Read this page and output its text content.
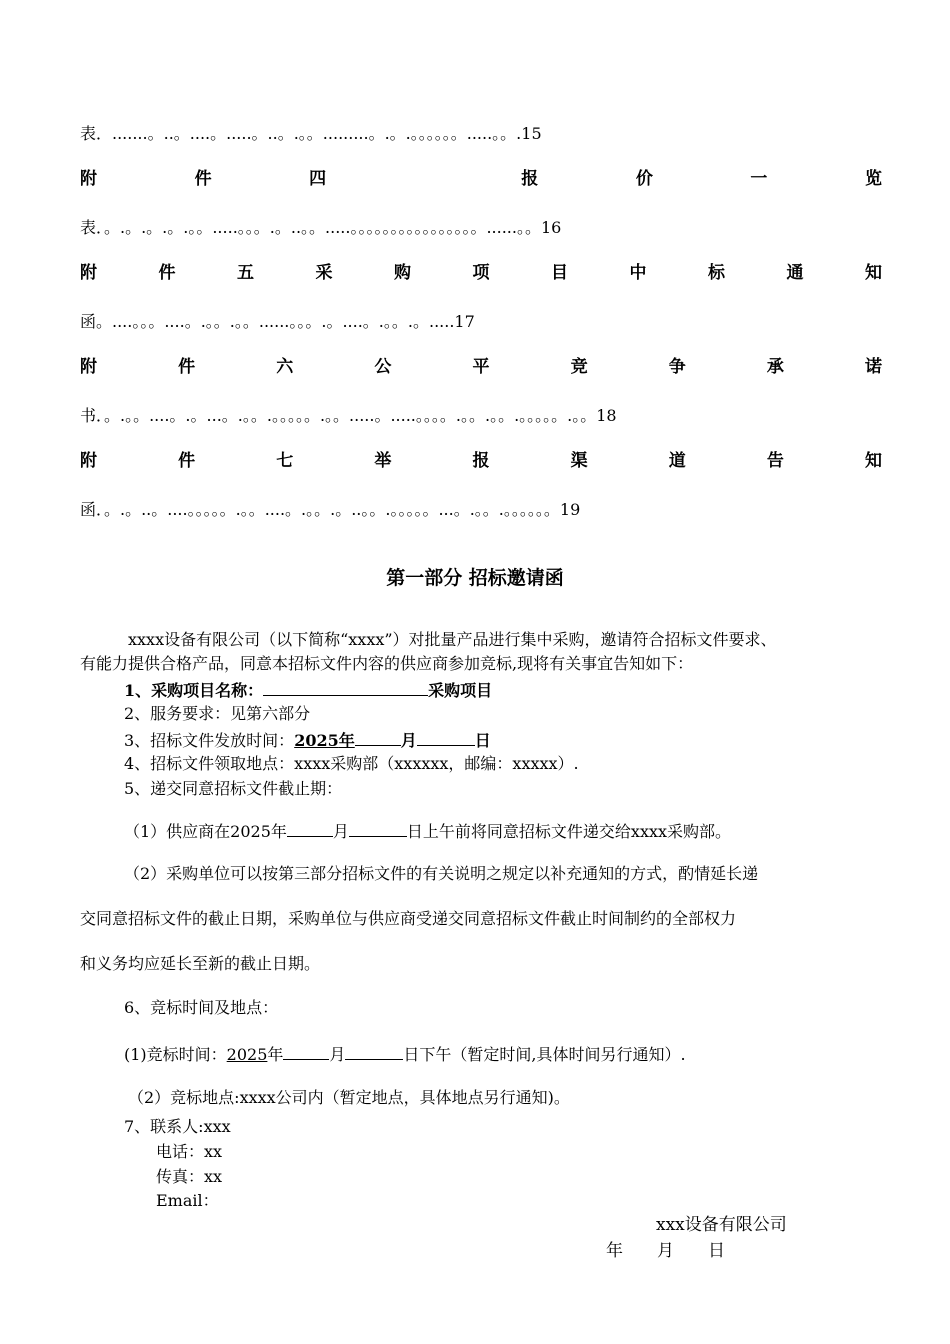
表．.......。..。....。.....。..。.。。.........。.。.。。。。。。.....。。.15
附	件	四	报	价	一	览
表．。.。.。.。.。。.....。。。.。..。。.....。。。。。。。。。。。。。。。。......。。16
附	件	五	采	购	项	目	中	标	通	知
函。....。。。....。.。。.。。......。。。.。....。.。。.。.....17
附	件	六	公	平	竞	争	承	诺
书．。.。。....。.。...。.。。.。。。。。.。。.....。.....。。。。.。。.。。.。。。。。.。。18
附	件	七	举	报	渠	道	告	知
函．。.。..。....。。。。。.。。....。.。。.。..。。.。。。。。...。.。。.。。。。。。19
第一部分 招标邀请函
xxxx设备有限公司（以下简称“xxxx”）对批量产品进行集中采购，邀请符合招标文件要求、
有能力提供合格产品，同意本招标文件内容的供应商参加竞标,现将有关事宜告知如下：
1、采购项目名称：	采购项目
2、服务要求：见第六部分
3、招标文件发放时间：2025年	月	日
4、招标文件领取地点：xxxx采购部（xxxxxx，邮编：xxxxx）.
5、递交同意招标文件截止期：
（1）供应商在2025年	月	日上午前将同意招标文件递交给xxxx采购部。
（2）采购单位可以按第三部分招标文件的有关说明之规定以补充通知的方式，酌情延长递
交同意招标文件的截止日期，采购单位与供应商受递交同意招标文件截止时间制约的全部权力
和义务均应延长至新的截止日期。
6、竞标时间及地点：
(1)竞标时间：2025年	月	日下午（暂定时间,具体时间另行通知）.
（2）竞标地点:xxxx公司内（暂定地点，具体地点另行通知)。
7、联系人:xxx
电话：xx
传真：xx
Email：
xxx设备有限公司
年　　月　　日
